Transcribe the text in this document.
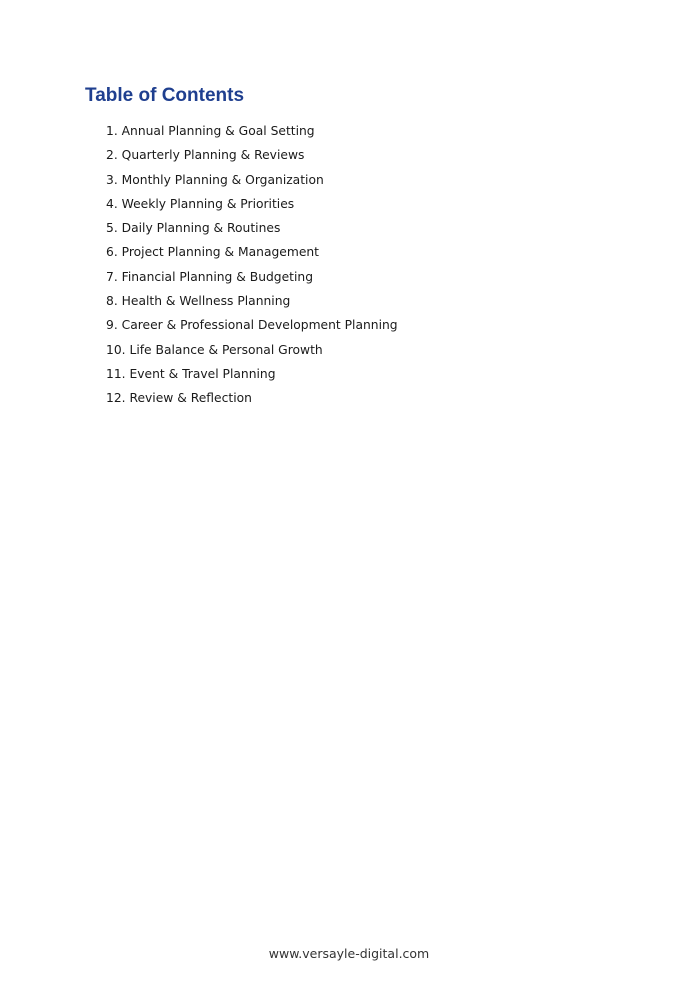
Table of Contents
1. Annual Planning & Goal Setting
2. Quarterly Planning & Reviews
3. Monthly Planning & Organization
4. Weekly Planning & Priorities
5. Daily Planning & Routines
6. Project Planning & Management
7. Financial Planning & Budgeting
8. Health & Wellness Planning
9. Career & Professional Development Planning
10. Life Balance & Personal Growth
11. Event & Travel Planning
12. Review & Reflection
www.versayle-digital.com
